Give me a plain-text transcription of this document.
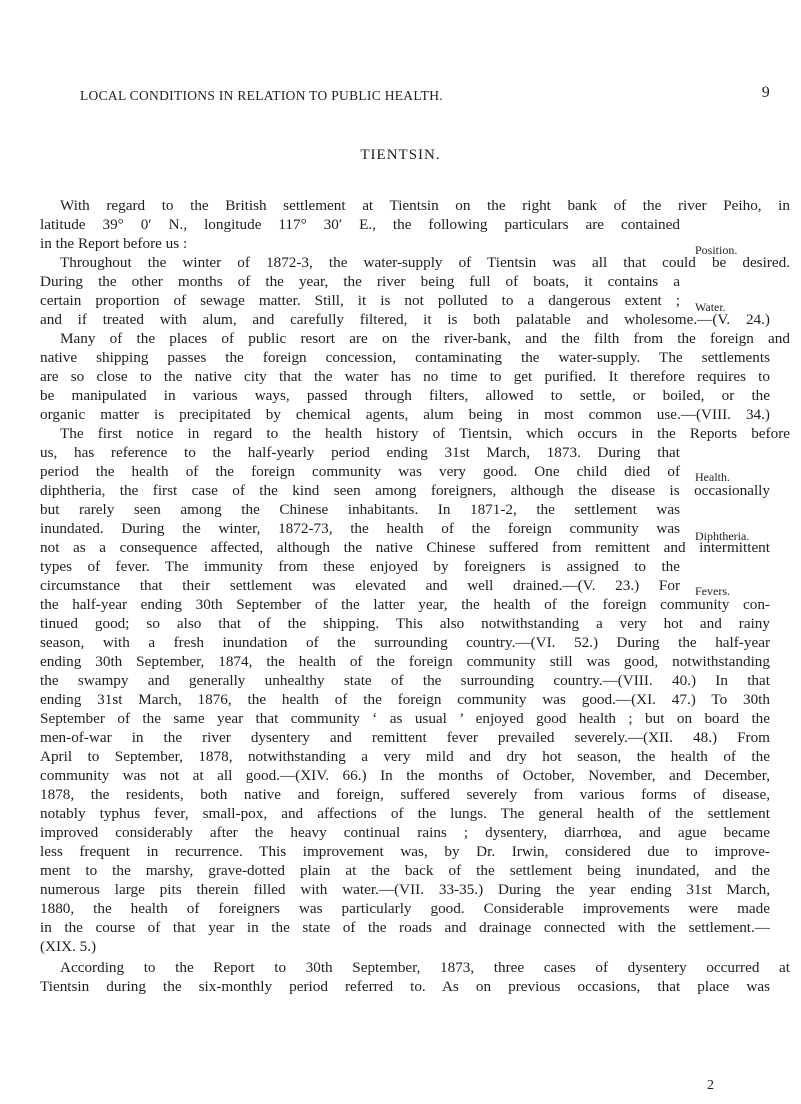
LOCAL CONDITIONS IN RELATION TO PUBLIC HEALTH.	9
TIENTSIN.
Position.
Water.
Health.
Diphtheria.
Fevers.
With regard to the British settlement at Tientsin on the right bank of the river Peiho, in
latitude 39° 0′ N., longitude 117° 30′ E., the following particulars are contained
in the Report before us :
Throughout the winter of 1872-3, the water-supply of Tientsin was all that could be desired.
During the other months of the year, the river being full of boats, it contains a
certain proportion of sewage matter. Still, it is not polluted to a dangerous extent ;
and if treated with alum, and carefully filtered, it is both palatable and wholesome.—(V. 24.)
Many of the places of public resort are on the river-bank, and the filth from the foreign and
native shipping passes the foreign concession, contaminating the water-supply. The settlements
are so close to the native city that the water has no time to get purified. It therefore requires to
be manipulated in various ways, passed through filters, allowed to settle, or boiled, or the
organic matter is precipitated by chemical agents, alum being in most common use.—(VIII. 34.)
The first notice in regard to the health history of Tientsin, which occurs in the Reports before
us, has reference to the half-yearly period ending 31st March, 1873. During that
period the health of the foreign community was very good. One child died of
diphtheria, the first case of the kind seen among foreigners, although the disease is occasionally
but rarely seen among the Chinese inhabitants. In 1871-2, the settlement was
inundated. During the winter, 1872-73, the health of the foreign community was
not as a consequence affected, although the native Chinese suffered from remittent and intermittent
types of fever. The immunity from these enjoyed by foreigners is assigned to the
circumstance that their settlement was elevated and well drained.—(V. 23.) For
the half-year ending 30th September of the latter year, the health of the foreign community con-
tinued good; so also that of the shipping. This also notwithstanding a very hot and rainy
season, with a fresh inundation of the surrounding country.—(VI. 52.) During the half-year
ending 30th September, 1874, the health of the foreign community still was good, notwithstanding
the swampy and generally unhealthy state of the surrounding country.—(VIII. 40.) In that
ending 31st March, 1876, the health of the foreign community was good.—(XI. 47.) To 30th
September of the same year that community ‘ as usual ’ enjoyed good health ; but on board the
men-of-war in the river dysentery and remittent fever prevailed severely.—(XII. 48.) From
April to September, 1878, notwithstanding a very mild and dry hot season, the health of the
community was not at all good.—(XIV. 66.) In the months of October, November, and December,
1878, the residents, both native and foreign, suffered severely from various forms of disease,
notably typhus fever, small-pox, and affections of the lungs. The general health of the settlement
improved considerably after the heavy continual rains ; dysentery, diarrhœa, and ague became
less frequent in recurrence. This improvement was, by Dr. Irwin, considered due to improve-
ment to the marshy, grave-dotted plain at the back of the settlement being inundated, and the
numerous large pits therein filled with water.—(VII. 33-35.) During the year ending 31st March,
1880, the health of foreigners was particularly good. Considerable improvements were made
in the course of that year in the state of the roads and drainage connected with the settlement.—
(XIX. 5.)
According to the Report to 30th September, 1873, three cases of dysentery occurred at
Tientsin during the six-monthly period referred to. As on previous occasions, that place was
2
